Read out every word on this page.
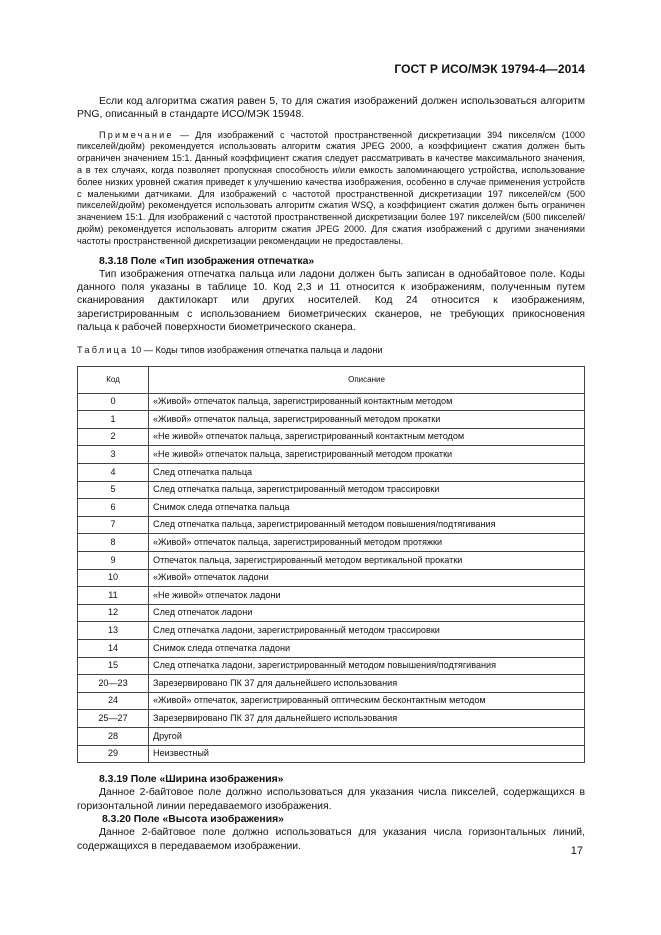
ГОСТ Р ИСО/МЭК 19794-4—2014

Если код алгоритма сжатия равен 5, то для сжатия изображений должен использоваться алгоритм PNG, описанный в стандарте ИСО/МЭК 15948.

Примечание — Для изображений с частотой пространственной дискретизации 394 пикселя/см (1000 пикселей/дюйм) рекомендуется использовать алгоритм сжатия JPEG 2000, а коэффициент сжатия должен быть ограничен значением 15:1. Данный коэффициент сжатия следует рассматривать в качестве максимального значения, а в тех случаях, когда позволяет пропускная способность и/или емкость запоминающего устройства, использование более низких уровней сжатия приведет к улучшению качества изображения, особенно в случае применения устройств с маленькими датчиками. Для изображений с частотой пространственной дискретизации 197 пикселей/см (500 пикселей/дюйм) рекомендуется использовать алгоритм сжатия WSQ, а коэффициент сжатия должен быть ограничен значением 15:1. Для изображений с частотой пространственной дискретизации более 197 пикселей/см (500 пикселей/дюйм) рекомендуется использовать алгоритм сжатия JPEG 2000. Для сжатия изображений с другими значениями частоты пространственной дискретизации рекомендации не предоставлены.

8.3.18 Поле «Тип изображения отпечатка»

Тип изображения отпечатка пальца или ладони должен быть записан в однобайтовое поле. Коды данного поля указаны в таблице 10. Код 2,3 и 11 относится к изображениям, полученным путем сканирования дактилокарт или других носителей. Код 24 относится к изображениям, зарегистрированным с использованием биометрических сканеров, не требующих прикосновения пальца к рабочей поверхности биометрического сканера.

Таблица 10 — Коды типов изображения отпечатка пальца и ладони
Код	Описание
0	«Живой» отпечаток пальца, зарегистрированный контактным методом
1	«Живой» отпечаток пальца, зарегистрированный методом прокатки
2	«Не живой» отпечаток пальца, зарегистрированный контактным методом
3	«Не живой» отпечаток пальца, зарегистрированный методом прокатки
4	След отпечатка пальца
5	След отпечатка пальца, зарегистрированный методом трассировки
6	Снимок следа отпечатка пальца
7	След отпечатка пальца, зарегистрированный методом повышения/подтягивания
8	«Живой» отпечаток пальца, зарегистрированный методом протяжки
9	Отпечаток пальца, зарегистрированный методом вертикальной прокатки
10	«Живой» отпечаток ладони
11	«Не живой» отпечаток ладони
12	След отпечаток ладони
13	След отпечатка ладони, зарегистрированный методом трассировки
14	Снимок следа отпечатка ладони
15	След отпечатка ладони, зарегистрированный методом повышения/подтягивания
20—23	Зарезервировано ПК 37 для дальнейшего использования
24	«Живой» отпечаток, зарегистрированный оптическим бесконтактным методом
25—27	Зарезервировано ПК 37 для дальнейшего использования
28	Другой
29	Неизвестный

8.3.19 Поле «Ширина изображения»

Данное 2-байтовое поле должно использоваться для указания числа пикселей, содержащихся в горизонтальной линии передаваемого изображения.

8.3.20 Поле «Высота изображения»

Данное 2-байтовое поле должно использоваться для указания числа горизонтальных линий, содержащихся в передаваемом изображении.	17
